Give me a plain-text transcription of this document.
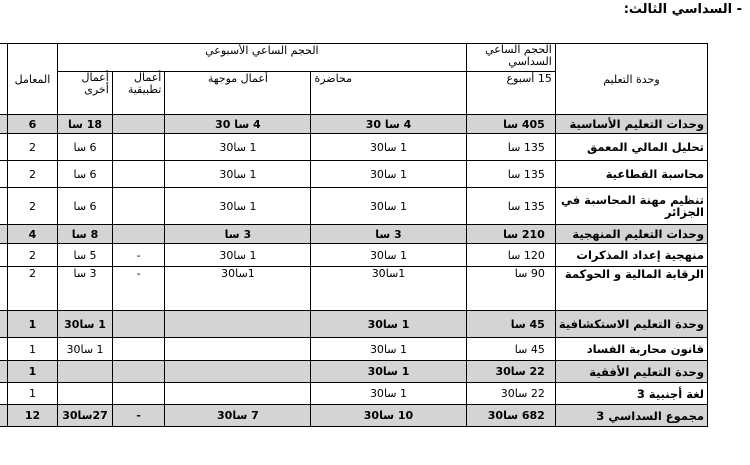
- السداسي الثالث:
وحدة التعليم	الحجم الساعي السداسي	الحجم الساعي الأسبوعي				المعامل	
	15 أسبوع	محاضرة	أعمال موجهة	أعمال تطبيقية	أعمال أخرى		
وحدات التعليم الأساسية	405 سا	4 سا 30	4 سا 30		18 سا	6	
تحليل المالي المعمق	135 سا	1 سا30	1 سا30		6 سا	2	
محاسبة القطاعية	135 سا	1 سا30	1 سا30		6 سا	2	
تنظيم مهنة المحاسبة في الجزائر	135 سا	1 سا30	1 سا30		6 سا	2	
وحدات التعليم المنهجية	210 سا	3 سا	3 سا		8 سا	4	
منهجية إعداد المذكرات	120 سا	1 سا30	1 سا30	-	5 سا	2	
الرقابة المالية و الحوكمة	90 سا	1سا30	1سا30	-	3 سا	2	
وحدة التعليم الاستكشافية	45 سا	1 سا30			1 سا30	1	
قانون محاربة الفساد	45 سا	1 سا30			1 سا30	1	
وحدة التعليم الأفقية	22 سا30	1 سا30				1	
لغة أجنبية 3	22 سا30	1 سا30				1	
مجموع السداسي 3	682 سا30	10 سا30	7 سا30	-	27سا30	12	
